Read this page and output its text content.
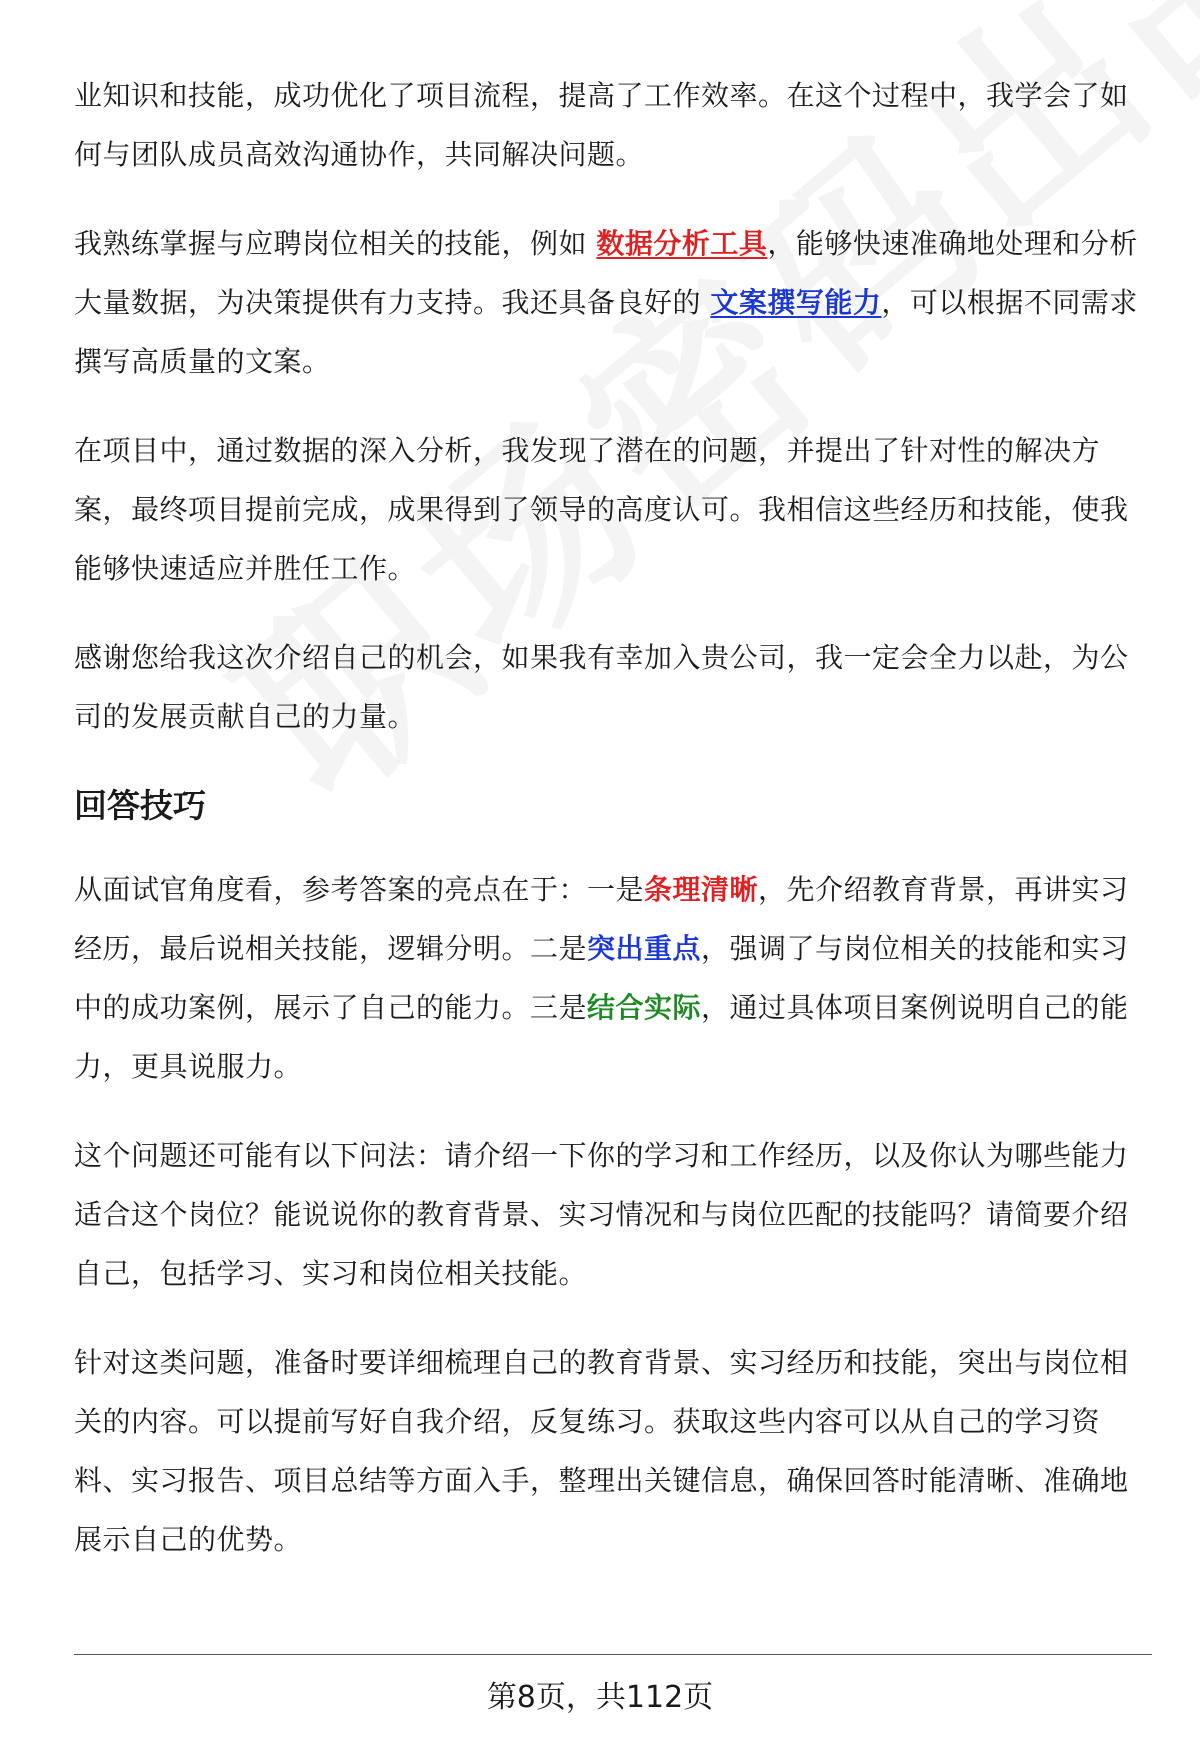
业知识和技能，成功优化了项目流程，提高了工作效率。在这个过程中，我学会了如何与团队成员高效沟通协作，共同解决问题。

我熟练掌握与应聘岗位相关的技能，例如 数据分析工具，能够快速准确地处理和分析大量数据，为决策提供有力支持。我还具备良好的 文案撰写能力，可以根据不同需求撰写高质量的文案。

在项目中，通过数据的深入分析，我发现了潜在的问题，并提出了针对性的解决方案，最终项目提前完成，成果得到了领导的高度认可。我相信这些经历和技能，使我能够快速适应并胜任工作。

感谢您给我这次介绍自己的机会，如果我有幸加入贵公司，我一定会全力以赴，为公司的发展贡献自己的力量。

回答技巧

从面试官角度看，参考答案的亮点在于：一是条理清晰，先介绍教育背景，再讲实习经历，最后说相关技能，逻辑分明。二是突出重点，强调了与岗位相关的技能和实习中的成功案例，展示了自己的能力。三是结合实际，通过具体项目案例说明自己的能力，更具说服力。

这个问题还可能有以下问法：请介绍一下你的学习和工作经历，以及你认为哪些能力适合这个岗位？能说说你的教育背景、实习情况和与岗位匹配的技能吗？请简要介绍自己，包括学习、实习和岗位相关技能。

针对这类问题，准备时要详细梳理自己的教育背景、实习经历和技能，突出与岗位相关的内容。可以提前写好自我介绍，反复练习。获取这些内容可以从自己的学习资料、实习报告、项目总结等方面入手，整理出关键信息，确保回答时能清晰、准确地展示自己的优势。

第8页，共112页
